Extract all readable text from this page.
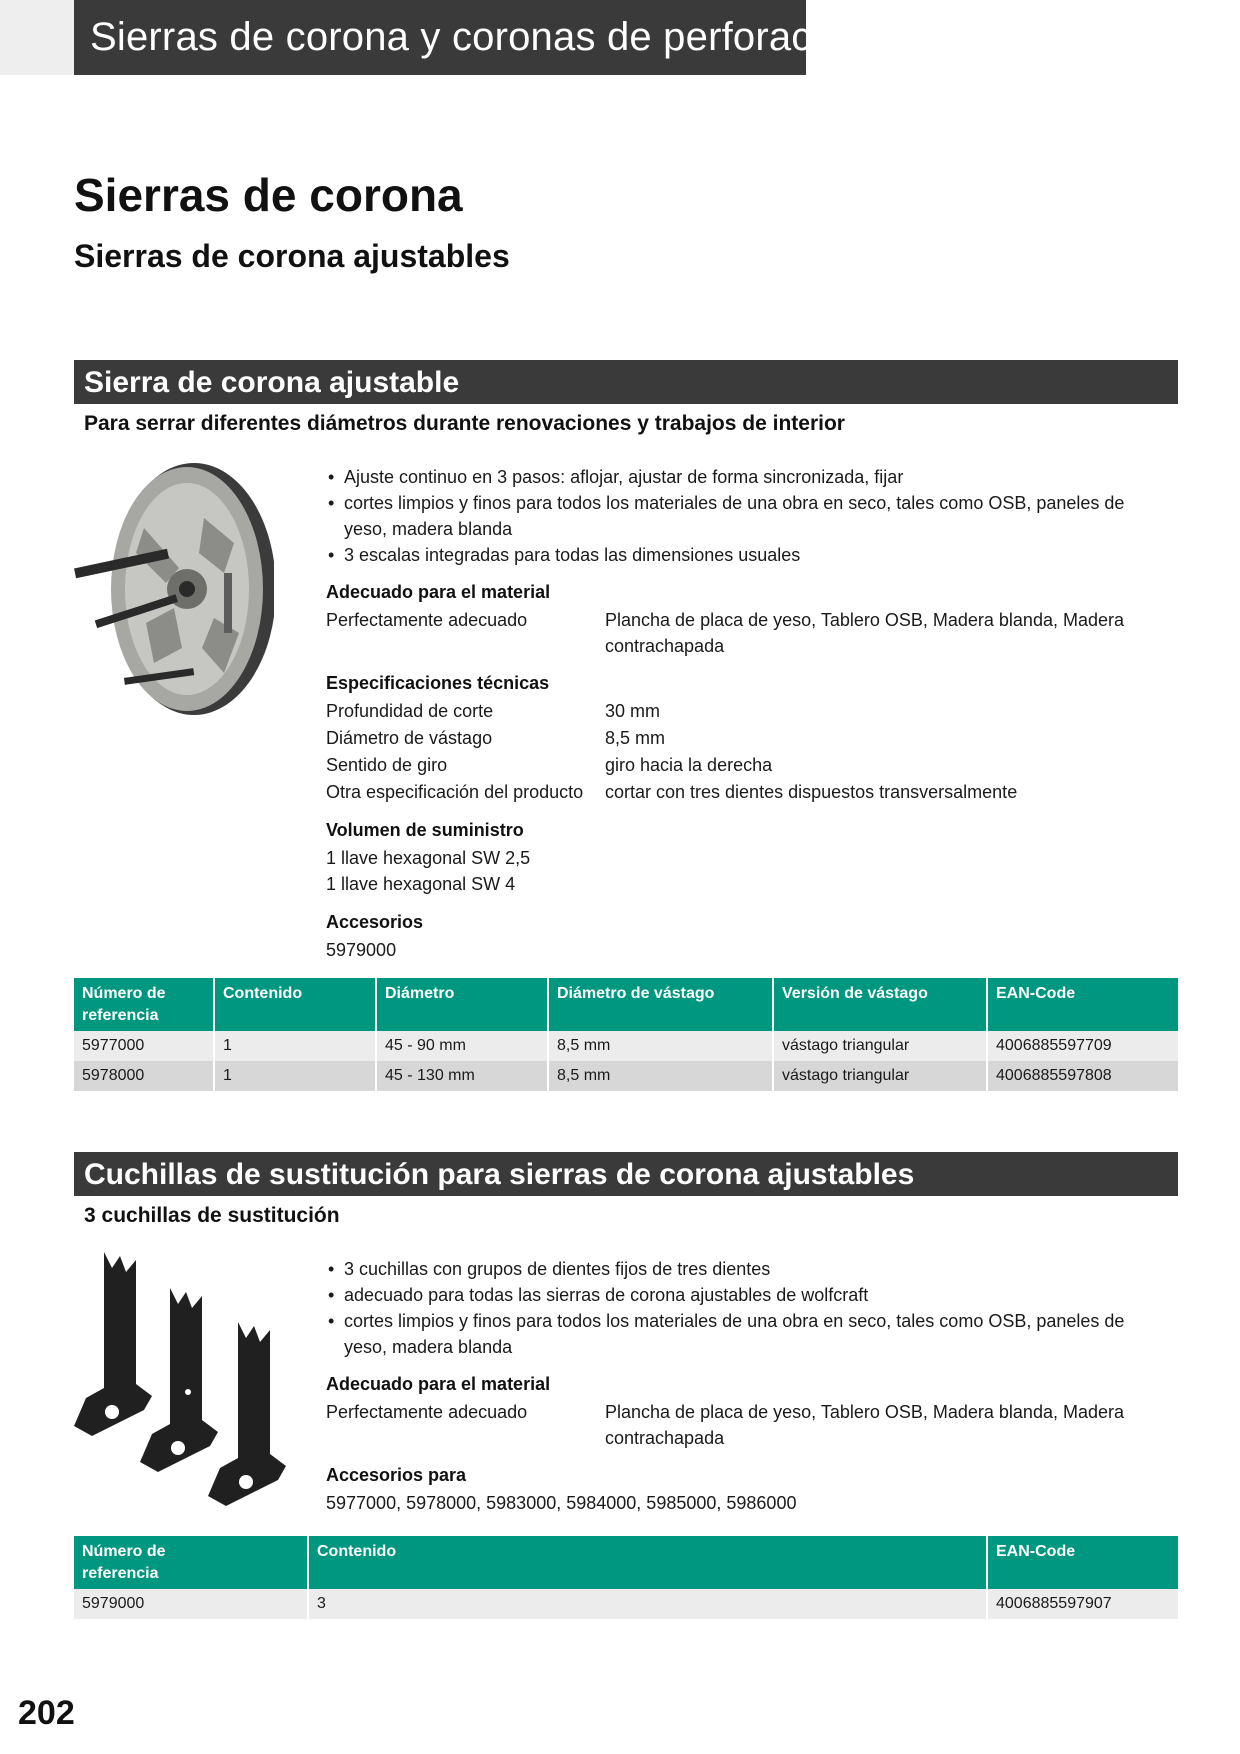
Sierras de corona y coronas de perforación
Sierras de corona
Sierras de corona ajustables
Sierra de corona ajustable
Para serrar diferentes diámetros durante renovaciones y trabajos de interior
• Ajuste continuo en 3 pasos: aflojar, ajustar de forma sincronizada, fijar
• cortes limpios y finos para todos los materiales de una obra en seco, tales como OSB, paneles de yeso, madera blanda
• 3 escalas integradas para todas las dimensiones usuales
Adecuado para el material
Perfectamente adecuado	Plancha de placa de yeso, Tablero OSB, Madera blanda, Madera contrachapada
Especificaciones técnicas
Profundidad de corte	30 mm
Diámetro de vástago	8,5 mm
Sentido de giro	giro hacia la derecha
Otra especificación del producto	cortar con tres dientes dispuestos transversalmente
Volumen de suministro
1 llave hexagonal SW 2,5
1 llave hexagonal SW 4
Accesorios
5979000
Número de referencia	Contenido	Diámetro	Diámetro de vástago	Versión de vástago	EAN-Code
5977000	1	45 - 90 mm	8,5 mm	vástago triangular	4006885597709
5978000	1	45 - 130 mm	8,5 mm	vástago triangular	4006885597808
Cuchillas de sustitución para sierras de corona ajustables
3 cuchillas de sustitución
• 3 cuchillas con grupos de dientes fijos de tres dientes
• adecuado para todas las sierras de corona ajustables de wolfcraft
• cortes limpios y finos para todos los materiales de una obra en seco, tales como OSB, paneles de yeso, madera blanda
Adecuado para el material
Perfectamente adecuado	Plancha de placa de yeso, Tablero OSB, Madera blanda, Madera contrachapada
Accesorios para
5977000, 5978000, 5983000, 5984000, 5985000, 5986000
Número de referencia	Contenido	EAN-Code
5979000	3	4006885597907
202
